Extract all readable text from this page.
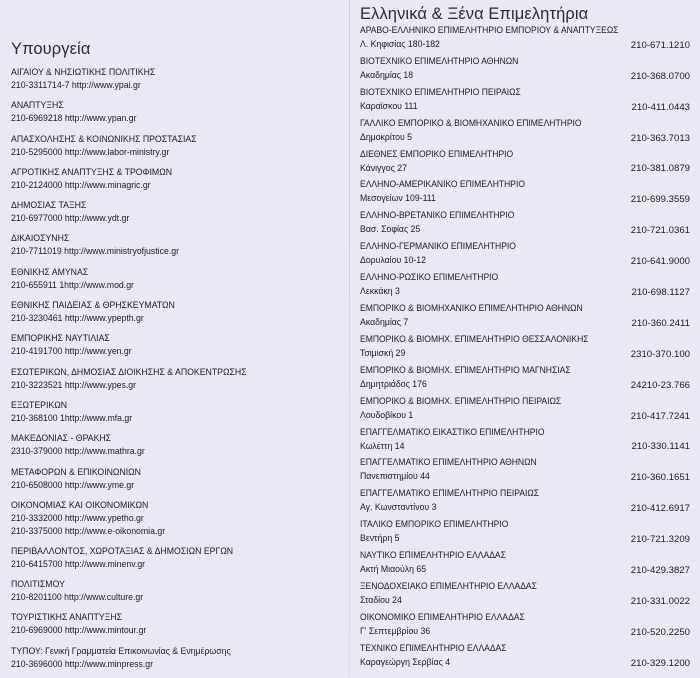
Υπουργεία
ΑΙΓΑΙΟΥ & ΝΗΣΙΩΤΙΚΗΣ ΠΟΛΙΤΙΚΗΣ
210-3311714-7 http://www.ypai.gr
ΑΝΑΠΤΥΞΗΣ
210-6969218 http://www.ypan.gr
ΑΠΑΣΧΟΛΗΣΗΣ & ΚΟΙΝΩΝΙΚΗΣ ΠΡΟΣΤΑΣΙΑΣ
210-5295000 http://www.labor-ministry.gr
ΑΓΡΟΤΙΚΗΣ ΑΝΑΠΤΥΞΗΣ & ΤΡΟΦΙΜΩΝ
210-2124000 http://www.minagric.gr
ΔΗΜΟΣΙΑΣ ΤΑΞΗΣ
210-6977000 http://www.ydt.gr
ΔΙΚΑΙΟΣΥΝΗΣ
210-7711019 http://www.ministryofjustice.gr
ΕΘΝΙΚΗΣ ΑΜΥΝΑΣ
210-655911 1http://www.mod.gr
ΕΘΝΙΚΗΣ ΠΑΙΔΕΙΑΣ & ΘΡΗΣΚΕΥΜΑΤΩΝ
210-3230461 http://www.ypepth.gr
ΕΜΠΟΡΙΚΗΣ ΝΑΥΤΙΛΙΑΣ
210-4191700 http://www.yen.gr
ΕΣΩΤΕΡΙΚΩΝ, ΔΗΜΟΣΙΑΣ ΔΙΟΙΚΗΣΗΣ & ΑΠΟΚΕΝΤΡΩΣΗΣ
210-3223521 http://www.ypes.gr
ΕΞΩΤΕΡΙΚΩΝ
210-368100 1http://www.mfa.gr
ΜΑΚΕΔΟΝΙΑΣ - ΘΡΑΚΗΣ
2310-379000 http://www.mathra.gr
ΜΕΤΑΦΟΡΩΝ & ΕΠΙΚΟΙΝΩΝΙΩΝ
210-6508000 http://www.yme.gr
ΟΙΚΟΝΟΜΙΑΣ ΚΑΙ ΟΙΚΟΝΟΜΙΚΩΝ
210-3332000 http://www.ypetho.gr
210-3375000 http://www.e-oikonomia.gr
ΠΕΡΙΒΑΛΛΟΝΤΟΣ, ΧΩΡΟΤΑΞΙΑΣ & ΔΗΜΟΣΙΩΝ ΕΡΓΩΝ
210-6415700 http://www.minenv.gr
ΠΟΛΙΤΙΣΜΟΥ
210-8201100 http://www.culture.gr
ΤΟΥΡΙΣΤΙΚΗΣ ΑΝΑΠΤΥΞΗΣ
210-6969000 http://www.mintour.gr
ΤΥΠΟΥ: Γενική Γραμματεία Επικοινωνίας & Ενημέρωσης
210-3696000 http://www.minpress.gr
Ελληνικά & Ξένα Επιμελητήρια
ΑΡΑΒΟ-ΕΛΛΗΝΙΚΟ ΕΠΙΜΕΛΗΤΗΡΙΟ ΕΜΠΟΡΙΟΥ & ΑΝΑΠΤΥΞΕΩΣ
Λ. Κηφισίας 180-182	210-671.1210
ΒΙΟΤΕΧΝΙΚΟ ΕΠΙΜΕΛΗΤΗΡΙΟ ΑΘΗΝΩΝ
Ακαδημίας 18	210-368.0700
ΒΙΟΤΕΧΝΙΚΟ ΕΠΙΜΕΛΗΤΗΡΙΟ ΠΕΙΡΑΙΩΣ
Καραϊσκου 111	210-411.0443
ΓΑΛΛΙΚΟ ΕΜΠΟΡΙΚΟ & ΒΙΟΜΗΧΑΝΙΚΟ ΕΠΙΜΕΛΗΤΗΡΙΟ
Δημοκρίτου 5	210-363.7013
ΔΙΕΘΝΕΣ ΕΜΠΟΡΙΚΟ ΕΠΙΜΕΛΗΤΗΡΙΟ
Κάνιγγος 27	210-381.0879
ΕΛΛΗΝΟ-ΑΜΕΡΙΚΑΝΙΚΟ ΕΠΙΜΕΛΗΤΗΡΙΟ
Μεσογείων 109-111	210-699.3559
ΕΛΛΗΝΟ-ΒΡΕΤΑΝΙΚΟ ΕΠΙΜΕΛΗΤΗΡΙΟ
Βασ. Σοφίας 25	210-721.0361
ΕΛΛΗΝΟ-ΓΕΡΜΑΝΙΚΟ ΕΠΙΜΕΛΗΤΗΡΙΟ
Δορυλαίου 10-12	210-641.9000
ΕΛΛΗΝΟ-ΡΩΣΙΚΟ ΕΠΙΜΕΛΗΤΗΡΙΟ
Λεκκάκη 3	210-698.1127
ΕΜΠΟΡΙΚΟ & ΒΙΟΜΗΧΑΝΙΚΟ ΕΠΙΜΕΛΗΤΗΡΙΟ ΑΘΗΝΩΝ
Ακαδημίας 7	210-360.2411
ΕΜΠΟΡΙΚΟ & ΒΙΟΜΗΧ. ΕΠΙΜΕΛΗΤΗΡΙΟ ΘΕΣΣΑΛΟΝΙΚΗΣ
Τσιμισκή 29	2310-370.100
ΕΜΠΟΡΙΚΟ & ΒΙΟΜΗΧ. ΕΠΙΜΕΛΗΤΗΡΙΟ ΜΑΓΝΗΣΙΑΣ
Δημητριάδος 176	24210-23.766
ΕΜΠΟΡΙΚΟ & ΒΙΟΜΗΧ. ΕΠΙΜΕΛΗΤΗΡΙΟ ΠΕΙΡΑΙΩΣ
Λουδοβίκου 1	210-417.7241
ΕΠΑΓΓΕΛΜΑΤΙΚΟ ΕΙΚΑΣΤΙΚΟ ΕΠΙΜΕΛΗΤΗΡΙΟ
Κωλέττη 14	210-330.1141
ΕΠΑΓΓΕΛΜΑΤΙΚΟ ΕΠΙΜΕΛΗΤΗΡΙΟ ΑΘΗΝΩΝ
Πανεπιστημίου 44	210-360.1651
ΕΠΑΓΓΕΛΜΑΤΙΚΟ ΕΠΙΜΕΛΗΤΗΡΙΟ ΠΕΙΡΑΙΩΣ
Αγ. Κωνσταντίνου 3	210-412.6917
ΙΤΑΛΙΚΟ ΕΜΠΟΡΙΚΟ ΕΠΙΜΕΛΗΤΗΡΙΟ
Βεντήρη 5	210-721.3209
ΝΑΥΤΙΚΟ ΕΠΙΜΕΛΗΤΗΡΙΟ ΕΛΛΑΔΑΣ
Ακτή Μιαούλη 65	210-429.3827
ΞΕΝΟΔΟΧΕΙΑΚΟ ΕΠΙΜΕΛΗΤΗΡΙΟ ΕΛΛΑΔΑΣ
Σταδίου 24	210-331.0022
ΟΙΚΟΝΟΜΙΚΟ ΕΠΙΜΕΛΗΤΗΡΙΟ ΕΛΛΑΔΑΣ
Γ' Σεπτεμβρίου 36	210-520.2250
ΤΕΧΝΙΚΟ ΕΠΙΜΕΛΗΤΗΡΙΟ ΕΛΛΑΔΑΣ
Καραγεώργη Σερβίας 4	210-329.1200
